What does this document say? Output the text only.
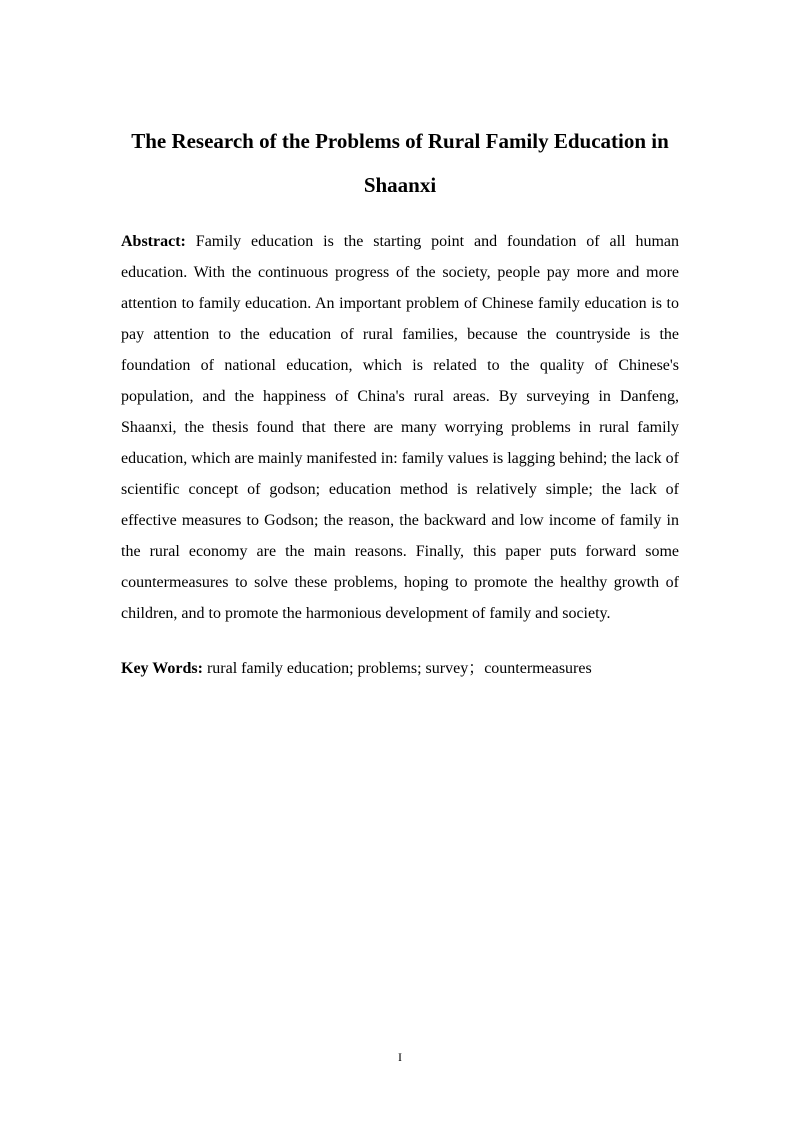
The Research of the Problems of Rural Family Education in
Shaanxi
Abstract: Family education is the starting point and foundation of all human education. With the continuous progress of the society, people pay more and more attention to family education. An important problem of Chinese family education is to pay attention to the education of rural families, because the countryside is the foundation of national education, which is related to the quality of Chinese's population, and the happiness of China's rural areas. By surveying in Danfeng, Shaanxi, the thesis found that there are many worrying problems in rural family education, which are mainly manifested in: family values is lagging behind; the lack of scientific concept of godson; education method is relatively simple; the lack of effective measures to Godson; the reason, the backward and low income of family in the rural economy are the main reasons. Finally, this paper puts forward some countermeasures to solve these problems, hoping to promote the healthy growth of children, and to promote the harmonious development of family and society.
Key Words: rural family education; problems; survey；countermeasures
I
